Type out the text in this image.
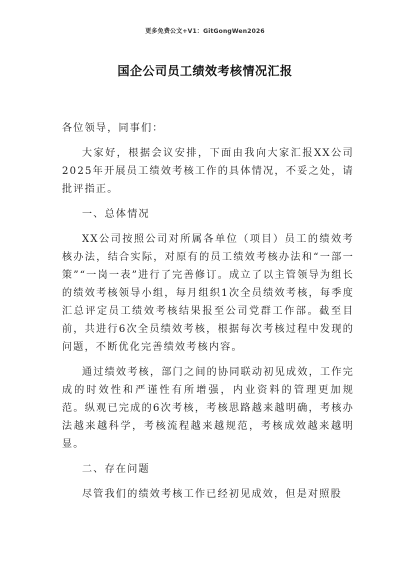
更多免费公文+V1：GitGongWen2026
国企公司员工绩效考核情况汇报

各位领导，同事们：

大家好，根据会议安排，下面由我向大家汇报XX公司2025年开展员工绩效考核工作的具体情况，不妥之处，请批评指正。

一、总体情况

XX公司按照公司对所属各单位（项目）员工的绩效考核办法，结合实际，对原有的员工绩效考核办法和“一部一策”“一岗一表”进行了完善修订。成立了以主管领导为组长的绩效考核领导小组，每月组织1次全员绩效考核，每季度汇总评定员工绩效考核结果报至公司党群工作部。截至目前，共进行6次全员绩效考核，根据每次考核过程中发现的问题，不断优化完善绩效考核内容。

通过绩效考核，部门之间的协同联动初见成效，工作完成的时效性和严谨性有所增强，内业资料的管理更加规范。纵观已完成的6次考核，考核思路越来越明确，考核办法越来越科学，考核流程越来越规范，考核成效越来越明显。

二、存在问题

尽管我们的绩效考核工作已经初见成效，但是对照股
